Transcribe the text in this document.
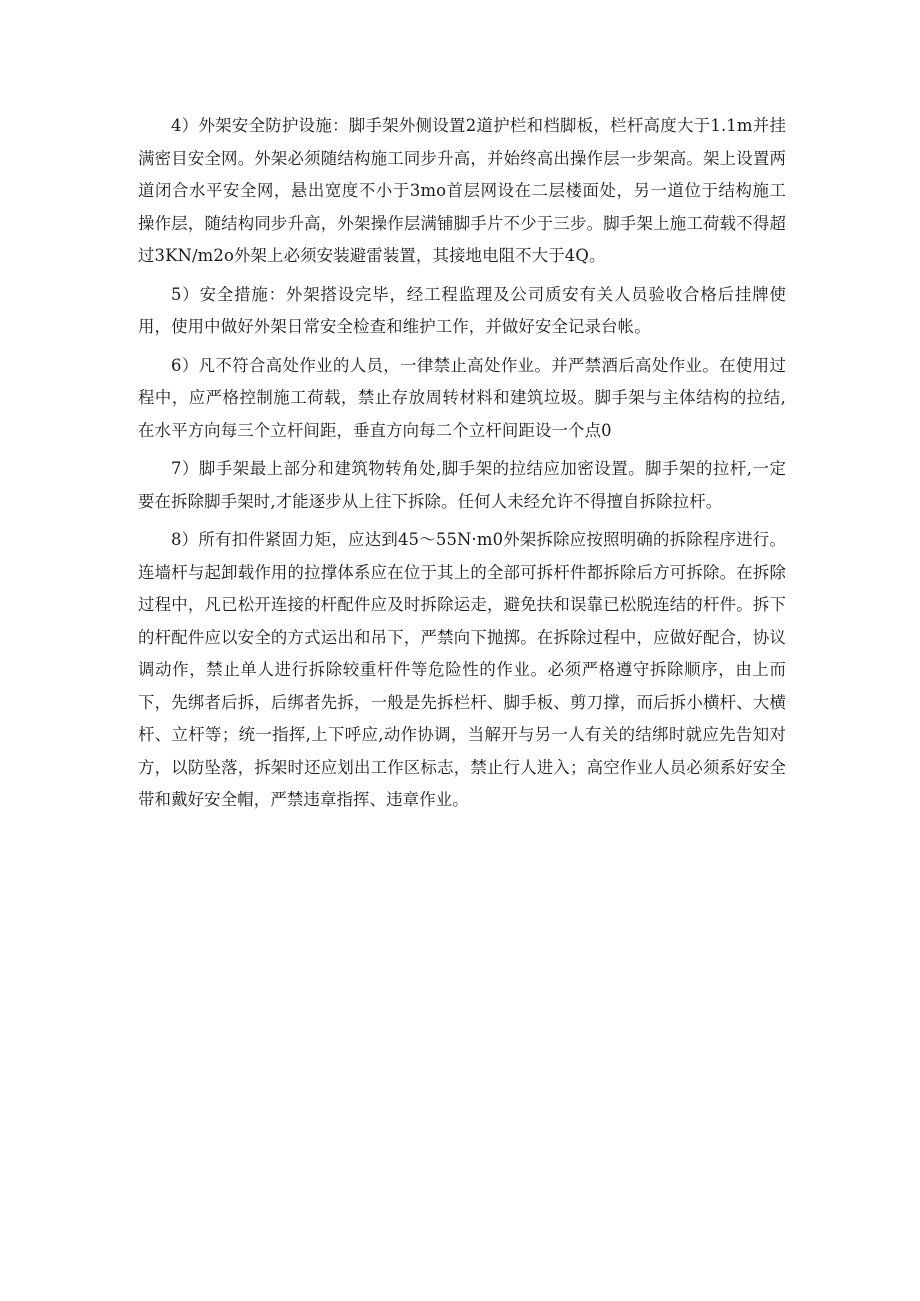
4）外架安全防护设施：脚手架外侧设置2道护栏和档脚板，栏杆高度大于1.1m并挂满密目安全网。外架必须随结构施工同步升高，并始终高出操作层一步架高。架上设置两道闭合水平安全网，悬出宽度不小于3mo首层网设在二层楼面处，另一道位于结构施工操作层，随结构同步升高，外架操作层满铺脚手片不少于三步。脚手架上施工荷载不得超过3KN∕m2o外架上必须安装避雷装置，其接地电阻不大于4Q。

5）安全措施：外架搭设完毕，经工程监理及公司质安有关人员验收合格后挂牌使用，使用中做好外架日常安全检查和维护工作，并做好安全记录台帐。

6）凡不符合高处作业的人员，一律禁止高处作业。并严禁酒后高处作业。在使用过程中，应严格控制施工荷载，禁止存放周转材料和建筑垃圾。脚手架与主体结构的拉结,在水平方向每三个立杆间距，垂直方向每二个立杆间距设一个点0

7）脚手架最上部分和建筑物转角处,脚手架的拉结应加密设置。脚手架的拉杆,一定要在拆除脚手架时,才能逐步从上往下拆除。任何人未经允许不得擅自拆除拉杆。

8）所有扣件紧固力矩，应达到45～55N·m0外架拆除应按照明确的拆除程序进行。连墙杆与起卸载作用的拉撑体系应在位于其上的全部可拆杆件都拆除后方可拆除。在拆除过程中，凡已松开连接的杆配件应及时拆除运走，避免扶和误靠已松脱连结的杆件。拆下的杆配件应以安全的方式运出和吊下，严禁向下抛掷。在拆除过程中，应做好配合，协议调动作，禁止单人进行拆除较重杆件等危险性的作业。必须严格遵守拆除顺序，由上而下，先绑者后拆，后绑者先拆，一般是先拆栏杆、脚手板、剪刀撑，而后拆小横杆、大横杆、立杆等；统一指挥,上下呼应,动作协调，当解开与另一人有关的结绑时就应先告知对方，以防坠落，拆架时还应划出工作区标志，禁止行人进入；高空作业人员必须系好安全带和戴好安全帽，严禁违章指挥、违章作业。
